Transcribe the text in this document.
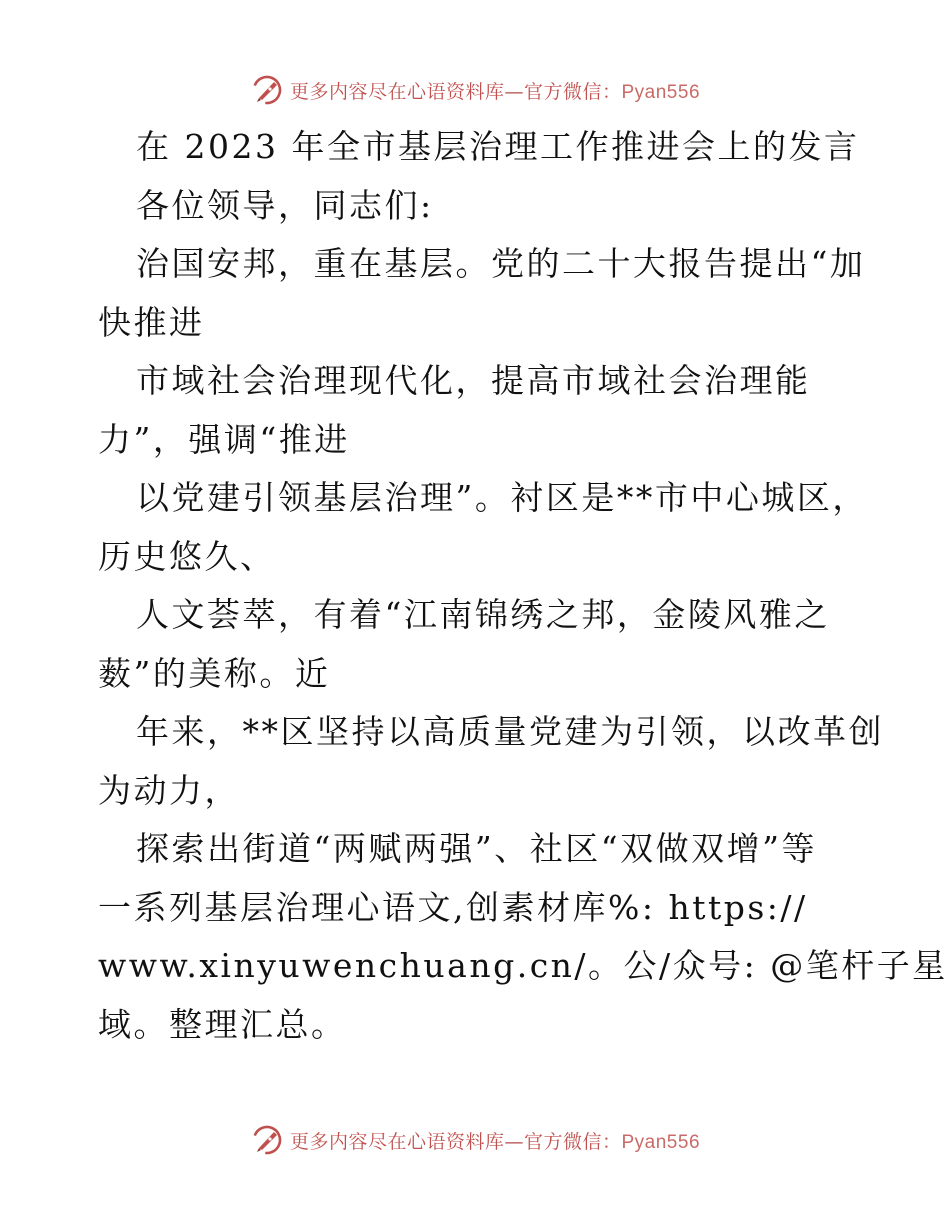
更多内容尽在心语资料库—官方微信：Pyan556
在 2023 年全市基层治理工作推进会上的发言
各位领导，同志们:
治国安邦，重在基层。党的二十大报告提出“加
快推进
市域社会治理现代化，提高市域社会治理能
力”，强调“推进
以党建引领基层治理”。衬区是**市中心城区，
历史悠久、
人文荟萃，有着“江南锦绣之邦，金陵风雅之
薮”的美称。近
年来，**区坚持以高质量党建为引领，以改革创
为动力，
探索出街道“两赋两强”、社区“双做双增”等
一系列基层治理心语文,创素材库%: https://
www.xinyuwenchuang.cn/。公/众号: @笔杆子星
域。整理汇总。
更多内容尽在心语资料库—官方微信：Pyan556
